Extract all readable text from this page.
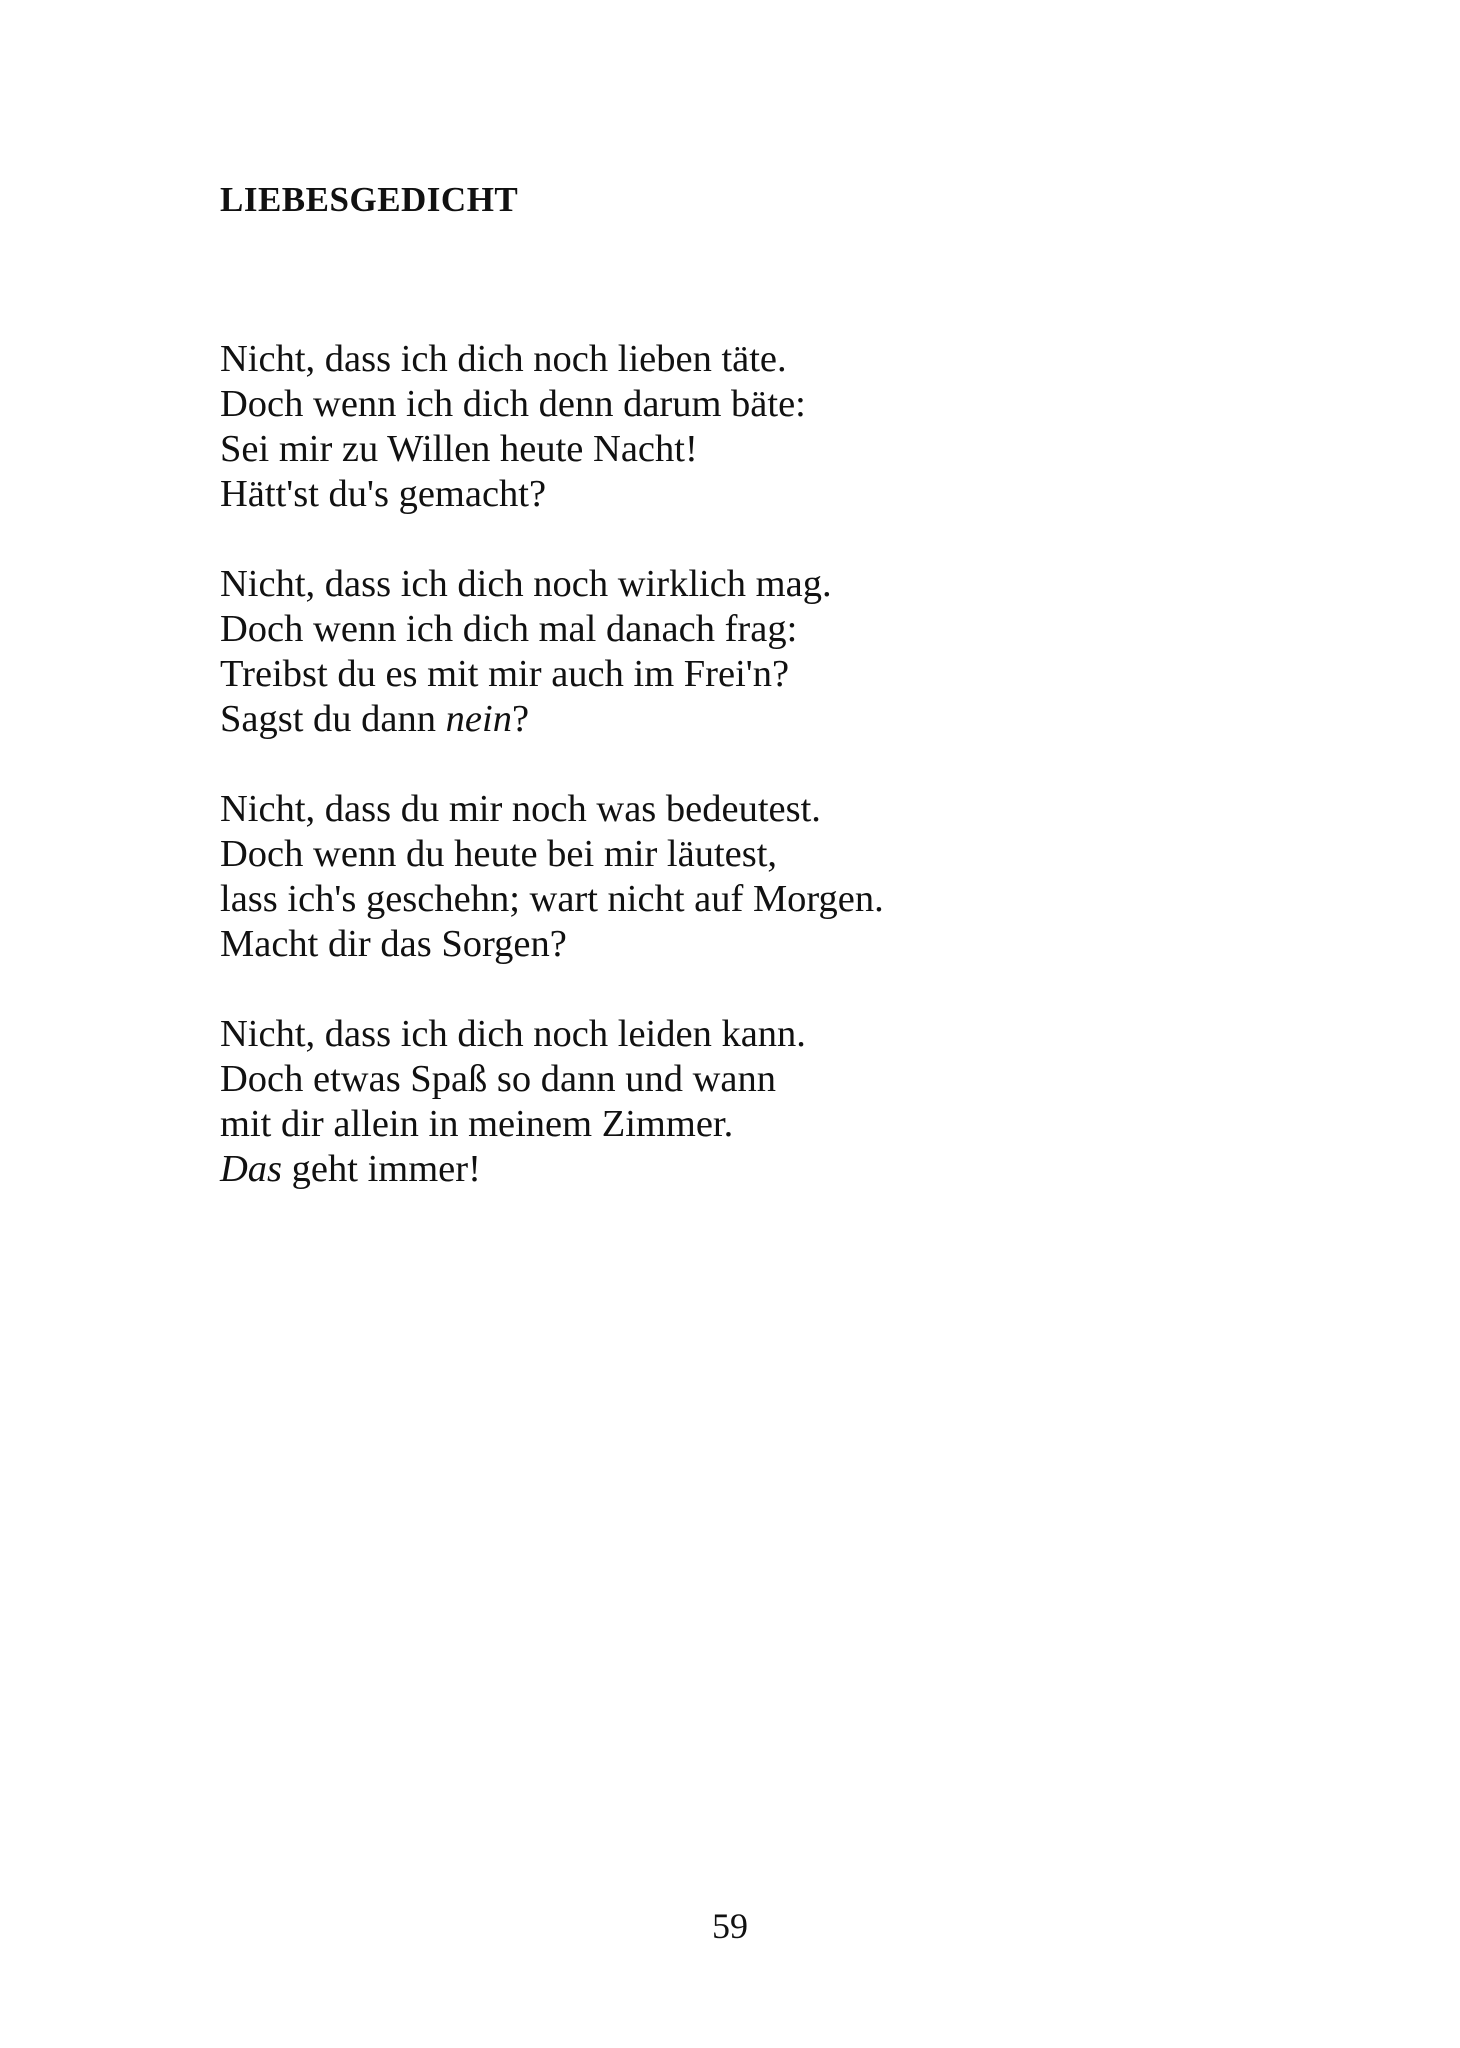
LIEBESGEDICHT
Nicht, dass ich dich noch lieben täte.
Doch wenn ich dich denn darum bäte:
Sei mir zu Willen heute Nacht!
Hätt'st du's gemacht?
Nicht, dass ich dich noch wirklich mag.
Doch wenn ich dich mal danach frag:
Treibst du es mit mir auch im Frei'n?
Sagst du dann nein?
Nicht, dass du mir noch was bedeutest.
Doch wenn du heute bei mir läutest,
lass ich's geschehn; wart nicht auf Morgen.
Macht dir das Sorgen?
Nicht, dass ich dich noch leiden kann.
Doch etwas Spaß so dann und wann
mit dir allein in meinem Zimmer.
Das geht immer!
59
